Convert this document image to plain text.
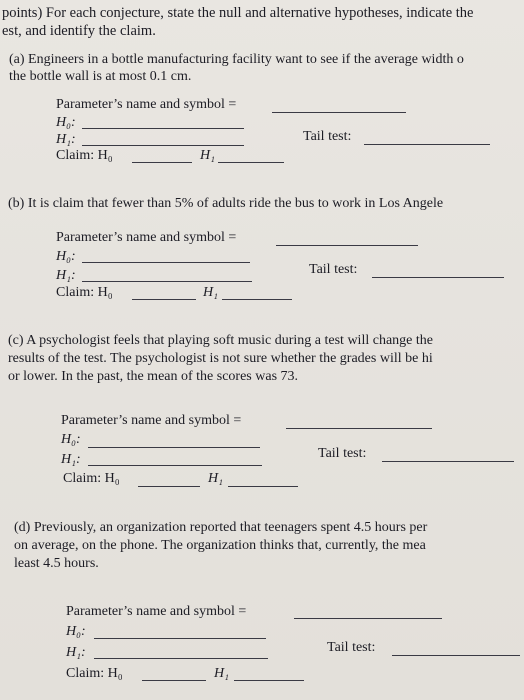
points) For each conjecture, state the null and alternative hypotheses, indicate the
est, and identify the claim.
(a) Engineers in a bottle manufacturing facility want to see if the average width o
the bottle wall is at most 0.1 cm.
Parameter’s name and symbol =
H₀:
H₁:	Tail test:
Claim: H₀	H₁
(b) It is claim that fewer than 5% of adults ride the bus to work in Los Angele
Parameter’s name and symbol =
H₀:
H₁:	Tail test:
Claim: H₀	H₁
(c) A psychologist feels that playing soft music during a test will change the
results of the test. The psychologist is not sure whether the grades will be hi
or lower. In the past, the mean of the scores was 73.
Parameter’s name and symbol =
H₀:
H₁:	Tail test:
Claim: H₀	H₁
(d) Previously, an organization reported that teenagers spent 4.5 hours per
on average, on the phone. The organization thinks that, currently, the mea
least 4.5 hours.
Parameter’s name and symbol =
H₀:
H₁:	Tail test:
Claim: H₀	H₁
